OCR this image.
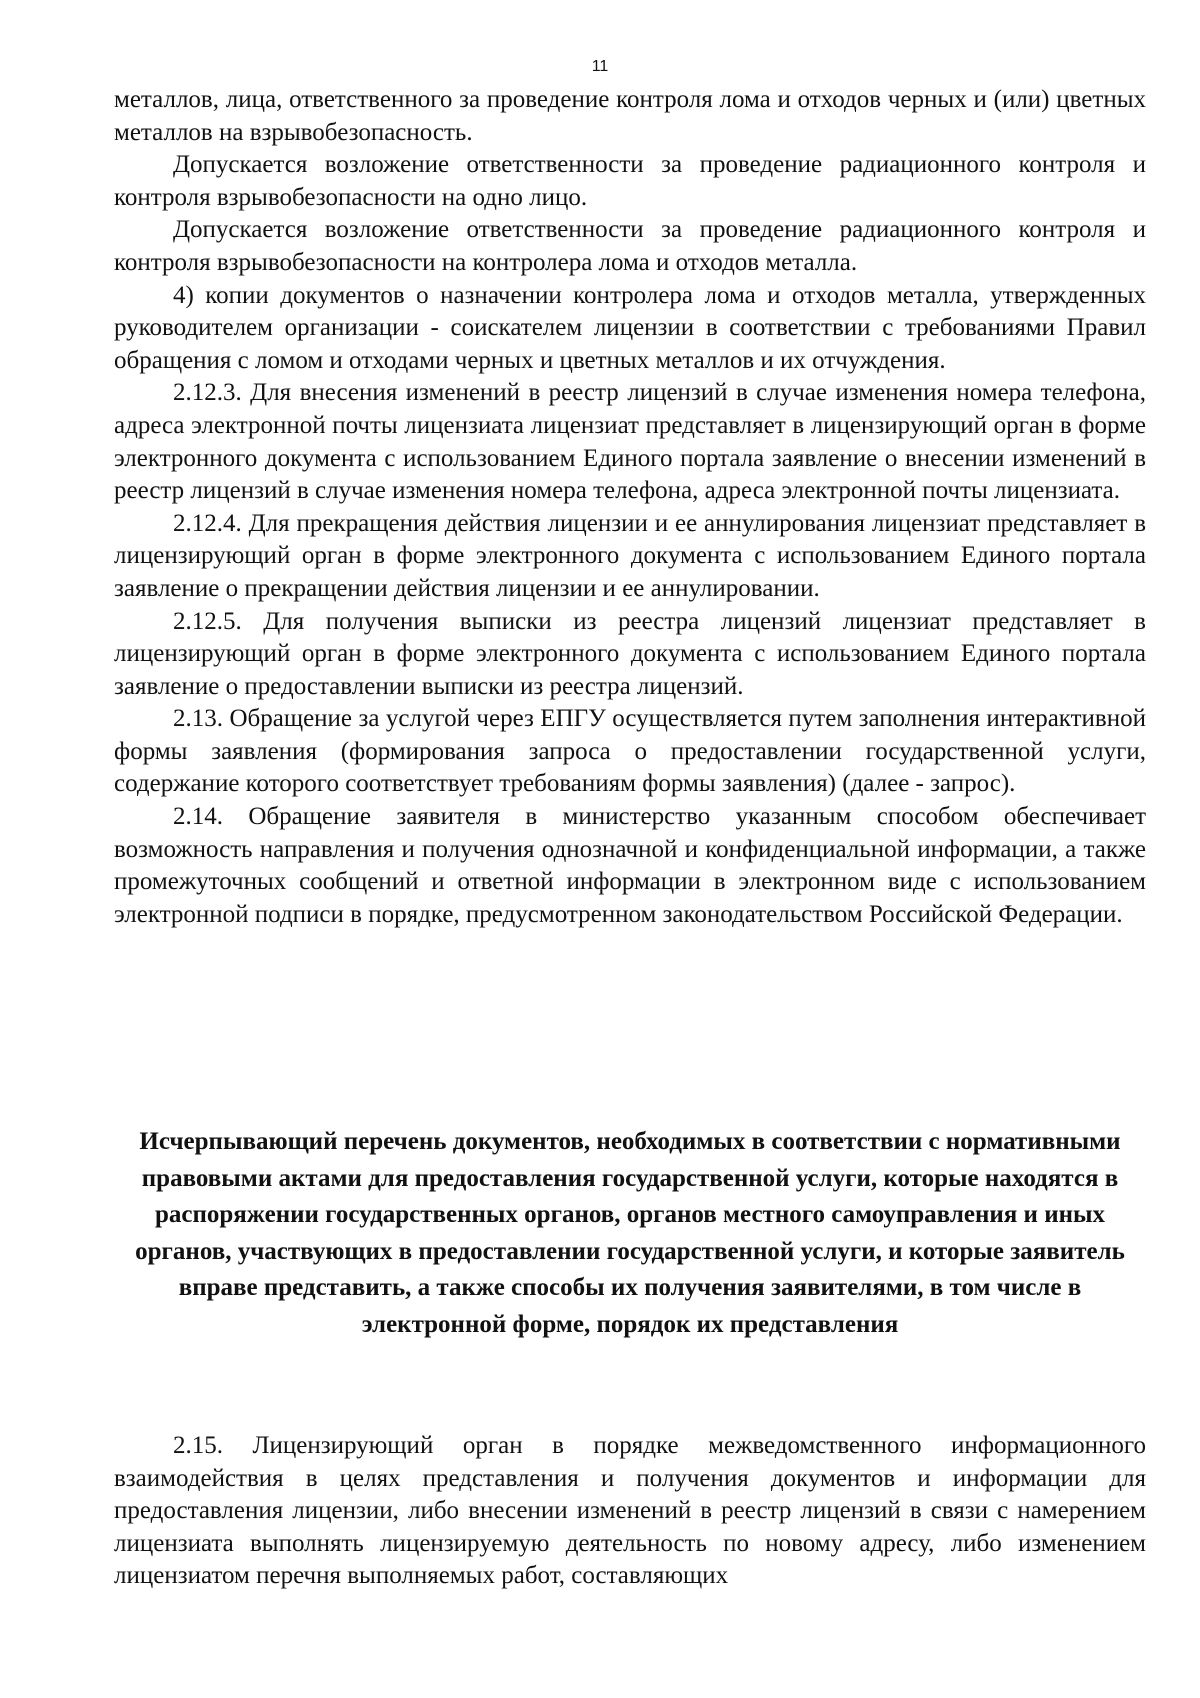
11

металлов, лица, ответственного за проведение контроля лома и отходов черных и (или) цветных металлов на взрывобезопасность.

Допускается возложение ответственности за проведение радиационного контроля и контроля взрывобезопасности на одно лицо.

Допускается возложение ответственности за проведение радиационного контроля и контроля взрывобезопасности на контролера лома и отходов металла.

4) копии документов о назначении контролера лома и отходов металла, утвержденных руководителем организации - соискателем лицензии в соответствии с требованиями Правил обращения с ломом и отходами черных и цветных металлов и их отчуждения.

2.12.3. Для внесения изменений в реестр лицензий в случае изменения номера телефона, адреса электронной почты лицензиата лицензиат представляет в лицензирующий орган в форме электронного документа с использованием Единого портала заявление о внесении изменений в реестр лицензий в случае изменения номера телефона, адреса электронной почты лицензиата.

2.12.4. Для прекращения действия лицензии и ее аннулирования лицензиат представляет в лицензирующий орган в форме электронного документа с использованием Единого портала заявление о прекращении действия лицензии и ее аннулировании.

2.12.5. Для получения выписки из реестра лицензий лицензиат представляет в лицензирующий орган в форме электронного документа с использованием Единого портала заявление о предоставлении выписки из реестра лицензий.

2.13. Обращение за услугой через ЕПГУ осуществляется путем заполнения интерактивной формы заявления (формирования запроса о предоставлении государственной услуги, содержание которого соответствует требованиям формы заявления) (далее - запрос).

2.14. Обращение заявителя в министерство указанным способом обеспечивает возможность направления и получения однозначной и конфиденциальной информации, а также промежуточных сообщений и ответной информации в электронном виде с использованием электронной подписи в порядке, предусмотренном законодательством Российской Федерации.

Исчерпывающий перечень документов, необходимых в соответствии с нормативными правовыми актами для предоставления государственной услуги, которые находятся в распоряжении государственных органов, органов местного самоуправления и иных органов, участвующих в предоставлении государственной услуги, и которые заявитель вправе представить, а также способы их получения заявителями, в том числе в электронной форме, порядок их представления

2.15. Лицензирующий орган в порядке межведомственного информационного взаимодействия в целях представления и получения документов и информации для предоставления лицензии, либо внесении изменений в реестр лицензий в связи с намерением лицензиата выполнять лицензируемую деятельность по новому адресу, либо изменением лицензиатом перечня выполняемых работ, составляющих
